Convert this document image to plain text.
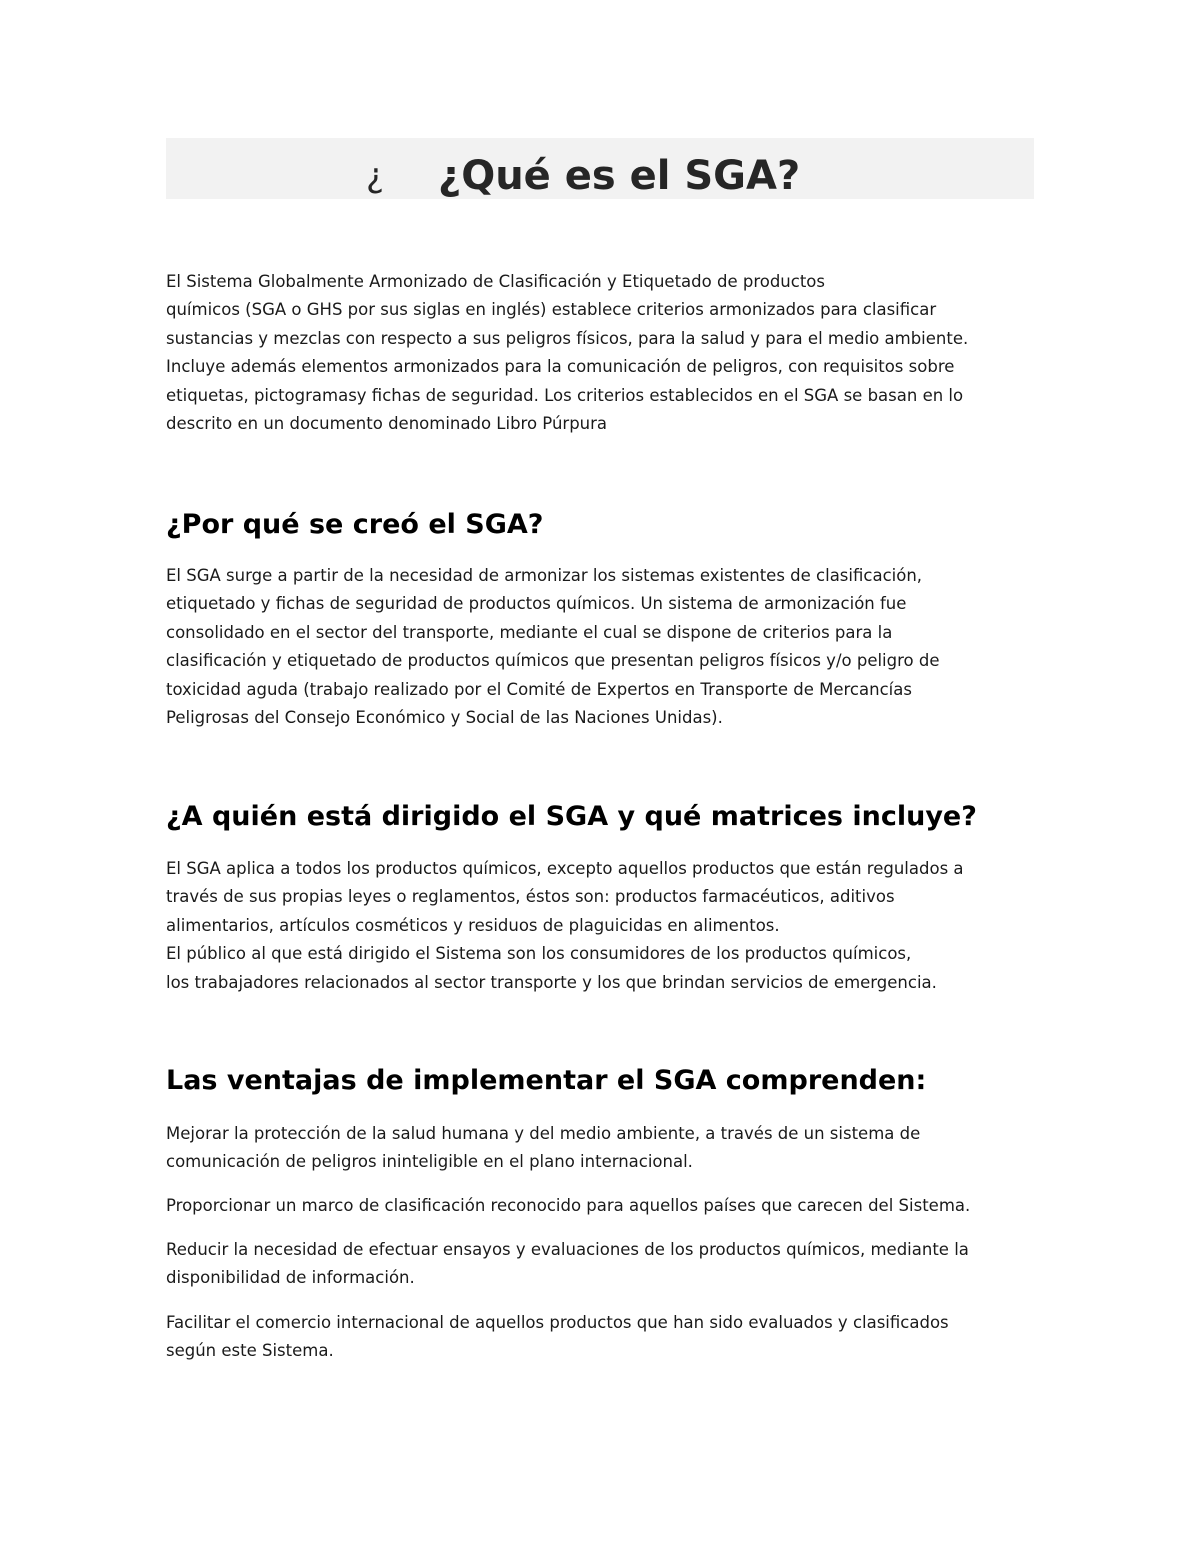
¿ ¿Qué es el SGA?

El Sistema Globalmente Armonizado de Clasificación y Etiquetado de productos
químicos (SGA o GHS por sus siglas en inglés) establece criterios armonizados para clasificar
sustancias y mezclas con respecto a sus peligros físicos, para la salud y para el medio ambiente.
Incluye además elementos armonizados para la comunicación de peligros, con requisitos sobre
etiquetas, pictogramasy fichas de seguridad. Los criterios establecidos en el SGA se basan en lo
descrito en un documento denominado Libro Púrpura

¿Por qué se creó el SGA?

El SGA surge a partir de la necesidad de armonizar los sistemas existentes de clasificación,
etiquetado y fichas de seguridad de productos químicos. Un sistema de armonización fue
consolidado en el sector del transporte, mediante el cual se dispone de criterios para la
clasificación y etiquetado de productos químicos que presentan peligros físicos y/o peligro de
toxicidad aguda (trabajo realizado por el Comité de Expertos en Transporte de Mercancías
Peligrosas del Consejo Económico y Social de las Naciones Unidas).

¿A quién está dirigido el SGA y qué matrices incluye?

El SGA aplica a todos los productos químicos, excepto aquellos productos que están regulados a
través de sus propias leyes o reglamentos, éstos son: productos farmacéuticos, aditivos
alimentarios, artículos cosméticos y residuos de plaguicidas en alimentos.
El público al que está dirigido el Sistema son los consumidores de los productos químicos,
los trabajadores relacionados al sector transporte y los que brindan servicios de emergencia.

Las ventajas de implementar el SGA comprenden:

Mejorar la protección de la salud humana y del medio ambiente, a través de un sistema de
comunicación de peligros ininteligible en el plano internacional.

Proporcionar un marco de clasificación reconocido para aquellos países que carecen del Sistema.

Reducir la necesidad de efectuar ensayos y evaluaciones de los productos químicos, mediante la
disponibilidad de información.

Facilitar el comercio internacional de aquellos productos que han sido evaluados y clasificados
según este Sistema.
